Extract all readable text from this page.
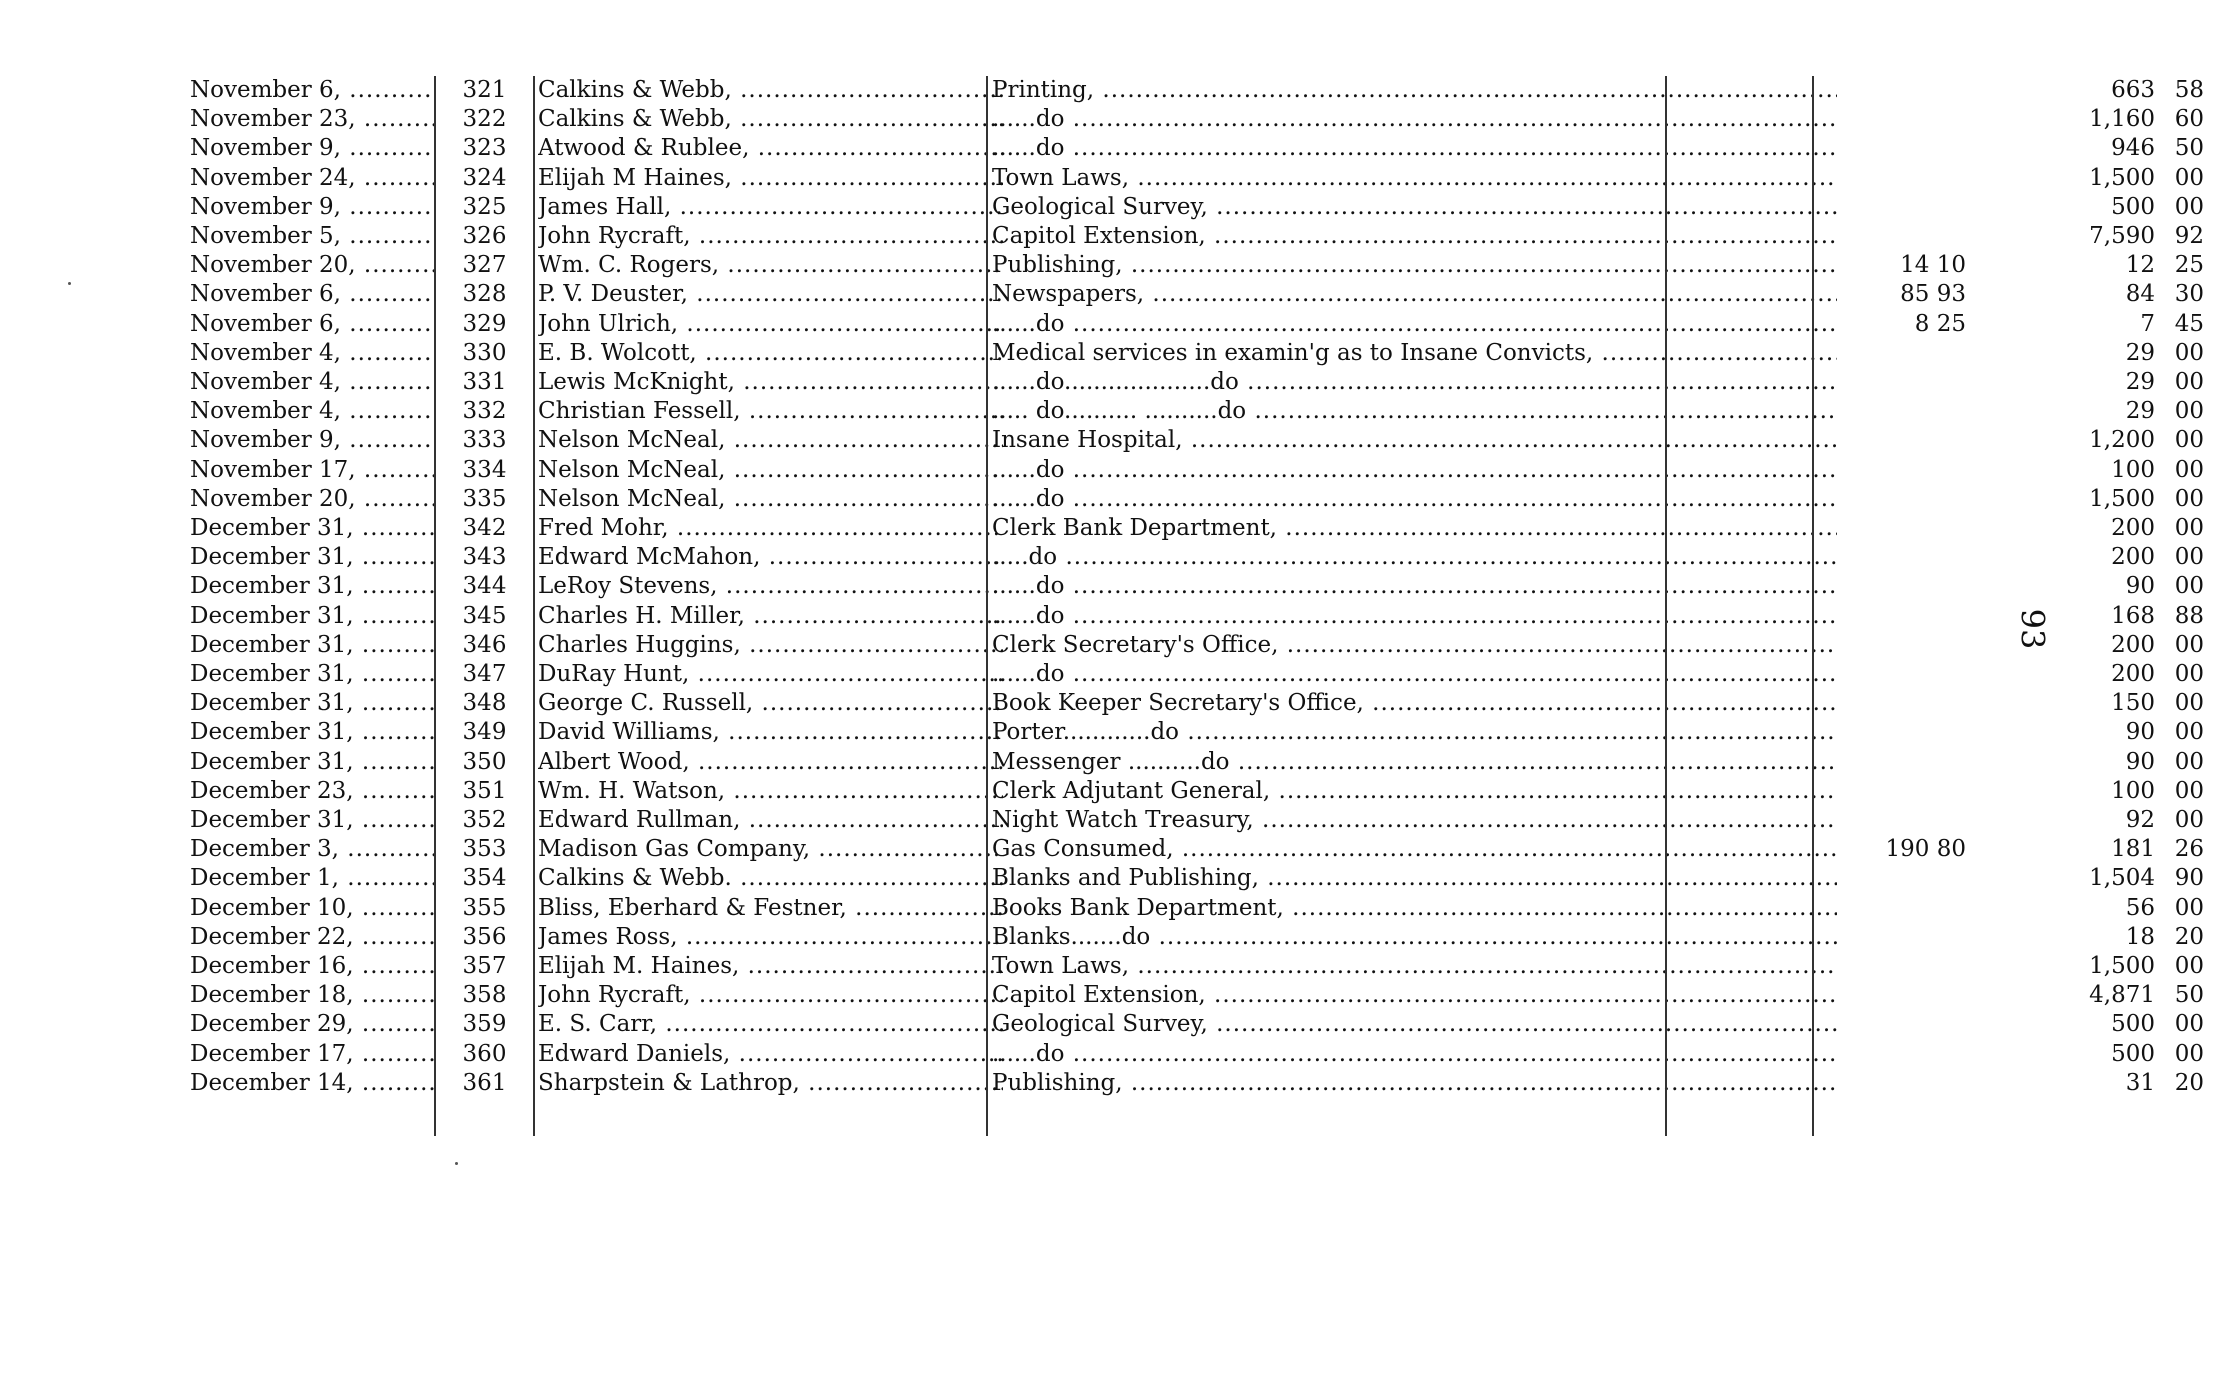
November 6, .....	321	Calkins & Webb, .....	Printing, .....	663 58
November 23, .....	322	Calkins & Webb, .....	......do .....	1,160 60
November 9, .....	323	Atwood & Rublee, .....	......do .....	946 50
November 24, .....	324	Elijah M Haines, .....	Town Laws, .....	1,500 00
November 9, .....	325	James Hall, .....	Geological Survey, .....	500 00
November 5, .....	326	John Rycraft, .....	Capitol Extension, .....	7,590 92
November 20, .....	327	Wm. C. Rogers, .....	Publishing, .....	14 10	12 25
November 6, .....	328	P. V. Deuster, .....	Newspapers, .....	85 93	84 30
November 6, .....	329	John Ulrich, .....	......do .....	8 25	7 45
November 4, .....	330	E. B. Wolcott, .....	Medical services in examin'g as to Insane Convicts, .....	29 00
November 4, .....	331	Lewis McKnight, .....	......do....................do .....	29 00
November 4, .....	332	Christian Fessell, .....	..... do.......... ..........do .....	29 00
November 9, .....	333	Nelson McNeal, .....	Insane Hospital, .....	1,200 00
November 17, .....	334	Nelson McNeal, .....	......do .....	100 00
November 20, .....	335	Nelson McNeal, .....	......do .....	1,500 00
December 31, .....	342	Fred Mohr, .....	Clerk Bank Department, .....	200 00
December 31, .....	343	Edward McMahon, .....	.....do .....	200 00
December 31, .....	344	LeRoy Stevens, .....	......do .....	90 00
December 31, .....	345	Charles H. Miller, .....	......do .....	168 88
December 31, .....	346	Charles Huggins, .....	Clerk Secretary's Office, .....	200 00
December 31, .....	347	DuRay Hunt, .....	......do .....	200 00
December 31, .....	348	George C. Russell, .....	Book Keeper Secretary's Office, .....	150 00
December 31, .....	349	David Williams, .....	Porter............do .....	90 00
December 31, .....	350	Albert Wood, .....	Messenger ..........do .....	90 00
December 23, .....	351	Wm. H. Watson, .....	Clerk Adjutant General, .....	100 00
December 31, .....	352	Edward Rullman, .....	Night Watch Treasury, .....	92 00
December 3, .....	353	Madison Gas Company, .....	Gas Consumed, .....	190 80	181 26
December 1, .....	354	Calkins & Webb. .....	Blanks and Publishing, .....	1,504 90
December 10, .....	355	Bliss, Eberhard & Festner, .....	Books Bank Department, .....	56 00
December 22, .....	356	James Ross, .....	Blanks.......do .....	18 20
December 16, .....	357	Elijah M. Haines, .....	Town Laws, .....	1,500 00
December 18, .....	358	John Rycraft, .....	Capitol Extension, .....	4,871 50
December 29, .....	359	E. S. Carr, .....	Geological Survey, .....	500 00
December 17, .....	360	Edward Daniels, .....	......do .....	500 00
December 14, .....	361	Sharpstein & Lathrop, .....	Publishing, .....	31 20
93
